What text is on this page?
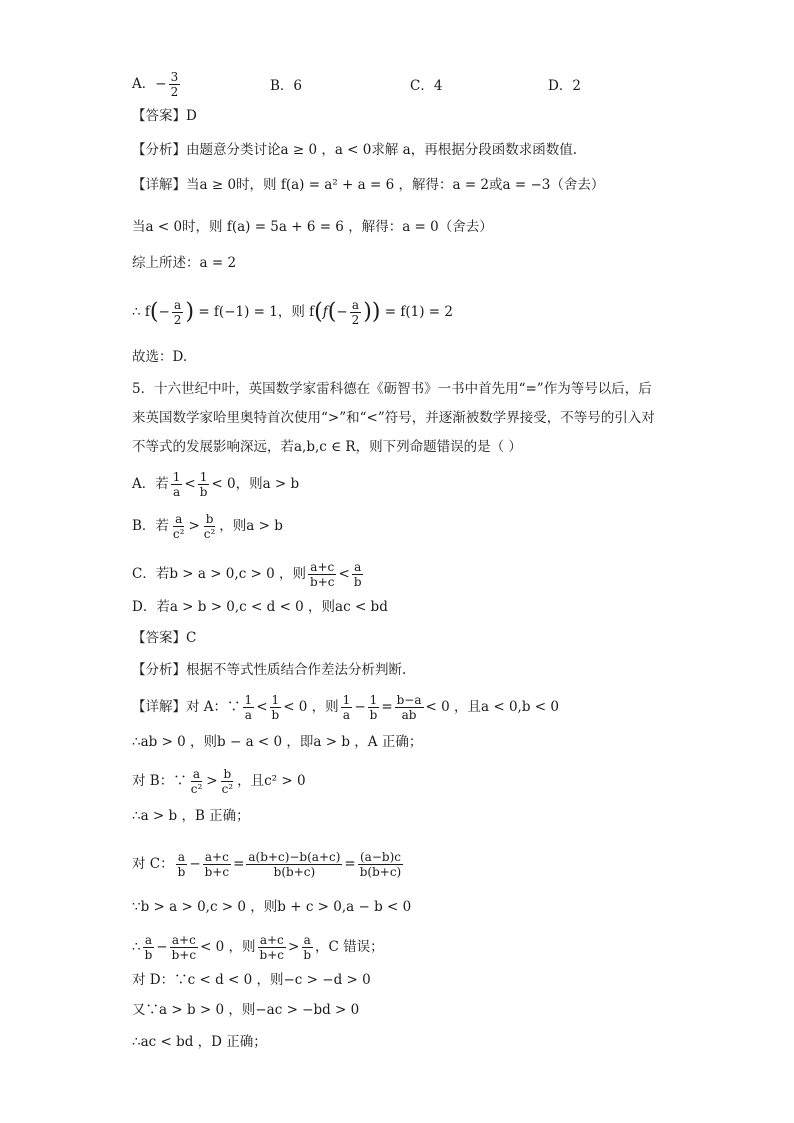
A．− $\frac{3}{2}$	B．6	C．4	D．2
【答案】D
【分析】由题意分类讨论a ≥ 0 ，a < 0求解 a，再根据分段函数求函数值.
【详解】当a ≥ 0时，则 f(a) = a² + a = 6 ，解得：a = 2或a = −3（舍去）
当a < 0时，则 f(a) = 5a + 6 = 6 ，解得：a = 0（舍去）
综上所述：a = 2
∴ $f(- \frac{a}{2}$ ) = f(−1) = 1，则 $f(f(- \frac{a}{2}$ )) = f(1) = 2
故选：D.
5．十六世纪中叶，英国数学家雷科德在《砺智书》一书中首先用“=”作为等号以后，后
来英国数学家哈里奥特首次使用“>”和“<”符号，并逐渐被数学界接受，不等号的引入对
不等式的发展影响深远，若a,b,c ∈ R，则下列命题错误的是（ ）
A．若 $\frac{1}{a} < \frac{1}{b} < 0$，则a > b
B．若 $\frac{a}{\text{c²}} > \frac{b}{\text{c²}}$ ，则a > b
C．若b > a > 0,c > 0 ，则 $\frac{a+c}{b+c} < \frac{a}{b}$
D．若a > b > 0,c < d < 0 ，则ac < bd
【答案】C
【分析】根据不等式性质结合作差法分析判断.
【详解】对 A：∵ $\frac{1}{a} < \frac{1}{b} < 0$ ，则 $\frac{1}{a} - \frac{1}{b} = \frac{b-a}{ab} < 0$ ，且a < 0,b < 0
∴ab > 0 ，则b − a < 0 ，即a > b ，A 正确；
对 B：∵ $\frac{a}{\text{c²}} > \frac{b}{\text{c²}}$ ，且c² > 0
∴a > b ，B 正确；
对 C： $\frac{a}{b} - \frac{a+c}{b+c} = \frac{a(b+c)-b(a+c)}{b(b+c)} = \frac{(a-b)c}{b(b+c)}$
∵b > a > 0,c > 0 ，则b + c > 0,a − b < 0
∴ $\frac{a}{b} - \frac{a+c}{b+c} < 0$ ，则 $\frac{a+c}{b+c} > \frac{a}{b}$ ，C 错误；
对 D：∵c < d < 0 ，则−c > −d > 0
又∵a > b > 0 ，则−ac > −bd > 0
∴ac < bd ，D 正确；
